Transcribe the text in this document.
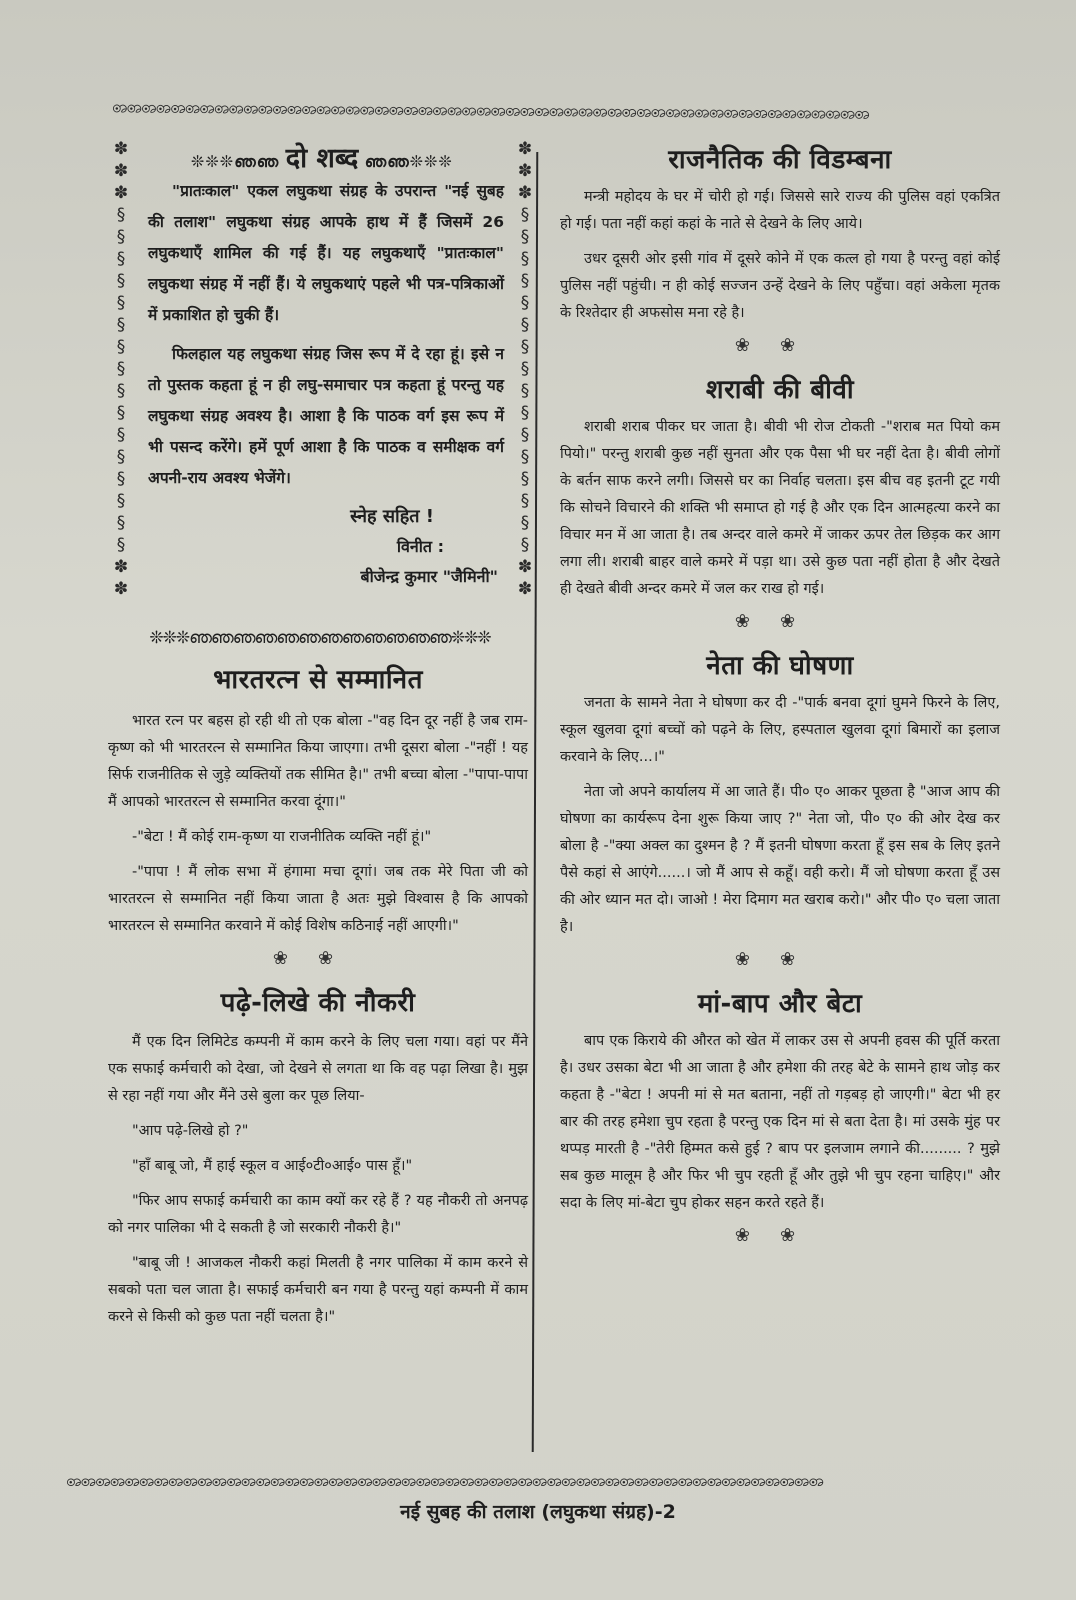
ꩨꩨꩨꩨꩨꩨꩨꩨꩨꩨꩨꩨꩨꩨꩨꩨꩨꩨꩨꩨꩨꩨꩨꩨꩨꩨꩨꩨꩨꩨꩨꩨꩨꩨꩨꩨꩨꩨꩨꩨꩨꩨꩨꩨꩨꩨꩨꩨꩨꩨꩨꩨ
✽ ✽ ✽ § § § § § § § § § § § § § § § § ✽ ✽
✽ ✽ ✽ § § § § § § § § § § § § § § § § ✽ ✽
❊❊❊ഞഞ दो शब्द ഞഞ❊❊❊

"प्रातःकाल" एकल लघुकथा संग्रह के उपरान्त "नई सुबह की तलाश" लघुकथा संग्रह आपके हाथ में हैं जिसमें 26 लघुकथाएँ शामिल की गई हैं। यह लघुकथाएँ "प्रातःकाल" लघुकथा संग्रह में नहीं हैं। ये लघुकथाएं पहले भी पत्र-पत्रिकाओं में प्रकाशित हो चुकी हैं।

फिलहाल यह लघुकथा संग्रह जिस रूप में दे रहा हूं। इसे न तो पुस्तक कहता हूं न ही लघु-समाचार पत्र कहता हूं परन्तु यह लघुकथा संग्रह अवश्य है। आशा है कि पाठक वर्ग इस रूप में भी पसन्द करेंगे। हमें पूर्ण आशा है कि पाठक व समीक्षक वर्ग अपनी-राय अवश्य भेजेंगे।

स्नेह सहित !
विनीत :
बीजेन्द्र कुमार "जैमिनी"
❊❊❊ഞഞഞഞഞഞഞഞഞഞഞഞ❊❊❊
भारतरत्न से सम्मानित

भारत रत्न पर बहस हो रही थी तो एक बोला -"वह दिन दूर नहीं है जब राम-कृष्ण को भी भारतरत्न से सम्मानित किया जाएगा। तभी दूसरा बोला -"नहीं ! यह सिर्फ राजनीतिक से जुड़े व्यक्तियों तक सीमित है।" तभी बच्चा बोला -"पापा-पापा मैं आपको भारतरत्न से सम्मानित करवा दूंगा।"

-"बेटा ! मैं कोई राम-कृष्ण या राजनीतिक व्यक्ति नहीं हूं।"

-"पापा ! मैं लोक सभा में हंगामा मचा दूगां। जब तक मेरे पिता जी को भारतरत्न से सम्मानित नहीं किया जाता है अतः मुझे विश्वास है कि आपको भारतरत्न से सम्मानित करवाने में कोई विशेष कठिनाई नहीं आएगी।"

❀❀
पढ़े-लिखे की नौकरी

मैं एक दिन लिमिटेड कम्पनी में काम करने के लिए चला गया। वहां पर मैंने एक सफाई कर्मचारी को देखा, जो देखने से लगता था कि वह पढ़ा लिखा है। मुझ से रहा नहीं गया और मैंने उसे बुला कर पूछ लिया-

"आप पढ़े-लिखे हो ?"

"हाँ बाबू जो, मैं हाई स्कूल व आई०टी०आई० पास हूँ।"

"फिर आप सफाई कर्मचारी का काम क्यों कर रहे हैं ? यह नौकरी तो अनपढ़ को नगर पालिका भी दे सकती है जो सरकारी नौकरी है।"

"बाबू जी ! आजकल नौकरी कहां मिलती है नगर पालिका में काम करने से सबको पता चल जाता है। सफाई कर्मचारी बन गया है परन्तु यहां कम्पनी में काम करने से किसी को कुछ पता नहीं चलता है।"

राजनैतिक की विडम्बना

मन्त्री महोदय के घर में चोरी हो गई। जिससे सारे राज्य की पुलिस वहां एकत्रित हो गई। पता नहीं कहां कहां के नाते से देखने के लिए आये।

उधर दूसरी ओर इसी गांव में दूसरे कोने में एक कत्ल हो गया है परन्तु वहां कोई पुलिस नहीं पहुंची। न ही कोई सज्जन उन्हें देखने के लिए पहुँचा। वहां अकेला मृतक के रिश्तेदार ही अफसोस मना रहे है।

❀❀
शराबी की बीवी

शराबी शराब पीकर घर जाता है। बीवी भी रोज टोकती -"शराब मत पियो कम पियो।" परन्तु शराबी कुछ नहीं सुनता और एक पैसा भी घर नहीं देता है। बीवी लोगों के बर्तन साफ करने लगी। जिससे घर का निर्वाह चलता। इस बीच वह इतनी टूट गयी कि सोचने विचारने की शक्ति भी समाप्त हो गई है और एक दिन आत्महत्या करने का विचार मन में आ जाता है। तब अन्दर वाले कमरे में जाकर ऊपर तेल छिड़क कर आग लगा ली। शराबी बाहर वाले कमरे में पड़ा था। उसे कुछ पता नहीं होता है और देखते ही देखते बीवी अन्दर कमरे में जल कर राख हो गई।

❀❀
नेता की घोषणा

जनता के सामने नेता ने घोषणा कर दी -"पार्क बनवा दूगां घुमने फिरने के लिए, स्कूल खुलवा दूगां बच्चों को पढ़ने के लिए, हस्पताल खुलवा दूगां बिमारों का इलाज करवाने के लिए...।"

नेता जो अपने कार्यालय में आ जाते हैं। पी० ए० आकर पूछता है "आज आप की घोषणा का कार्यरूप देना शुरू किया जाए ?" नेता जो, पी० ए० की ओर देख कर बोला है -"क्या अक्ल का दुश्मन है ? मैं इतनी घोषणा करता हूँ इस सब के लिए इतने पैसे कहां से आएंगे......। जो मैं आप से कहूँ। वही करो। मैं जो घोषणा करता हूँ उस की ओर ध्यान मत दो। जाओ ! मेरा दिमाग मत खराब करो।" और पी० ए० चला जाता है।

❀❀
मां-बाप और बेटा

बाप एक किराये की औरत को खेत में लाकर उस से अपनी हवस की पूर्ति करता है। उधर उसका बेटा भी आ जाता है और हमेशा की तरह बेटे के सामने हाथ जोड़ कर कहता है -"बेटा ! अपनी मां से मत बताना, नहीं तो गड़बड़ हो जाएगी।" बेटा भी हर बार की तरह हमेशा चुप रहता है परन्तु एक दिन मां से बता देता है। मां उसके मुंह पर थप्पड़ मारती है -"तेरी हिम्मत कसे हुई ? बाप पर इलजाम लगाने की......... ? मुझे सब कुछ मालूम है और फिर भी चुप रहती हूँ और तुझे भी चुप रहना चाहिए।" और सदा के लिए मां-बेटा चुप होकर सहन करते रहते हैं।

❀❀
ꩨꩨꩨꩨꩨꩨꩨꩨꩨꩨꩨꩨꩨꩨꩨꩨꩨꩨꩨꩨꩨꩨꩨꩨꩨꩨꩨꩨꩨꩨꩨꩨꩨꩨꩨꩨꩨꩨꩨꩨꩨꩨꩨꩨꩨꩨꩨꩨꩨꩨꩨꩨ
नई सुबह की तलाश (लघुकथा संग्रह)-2
